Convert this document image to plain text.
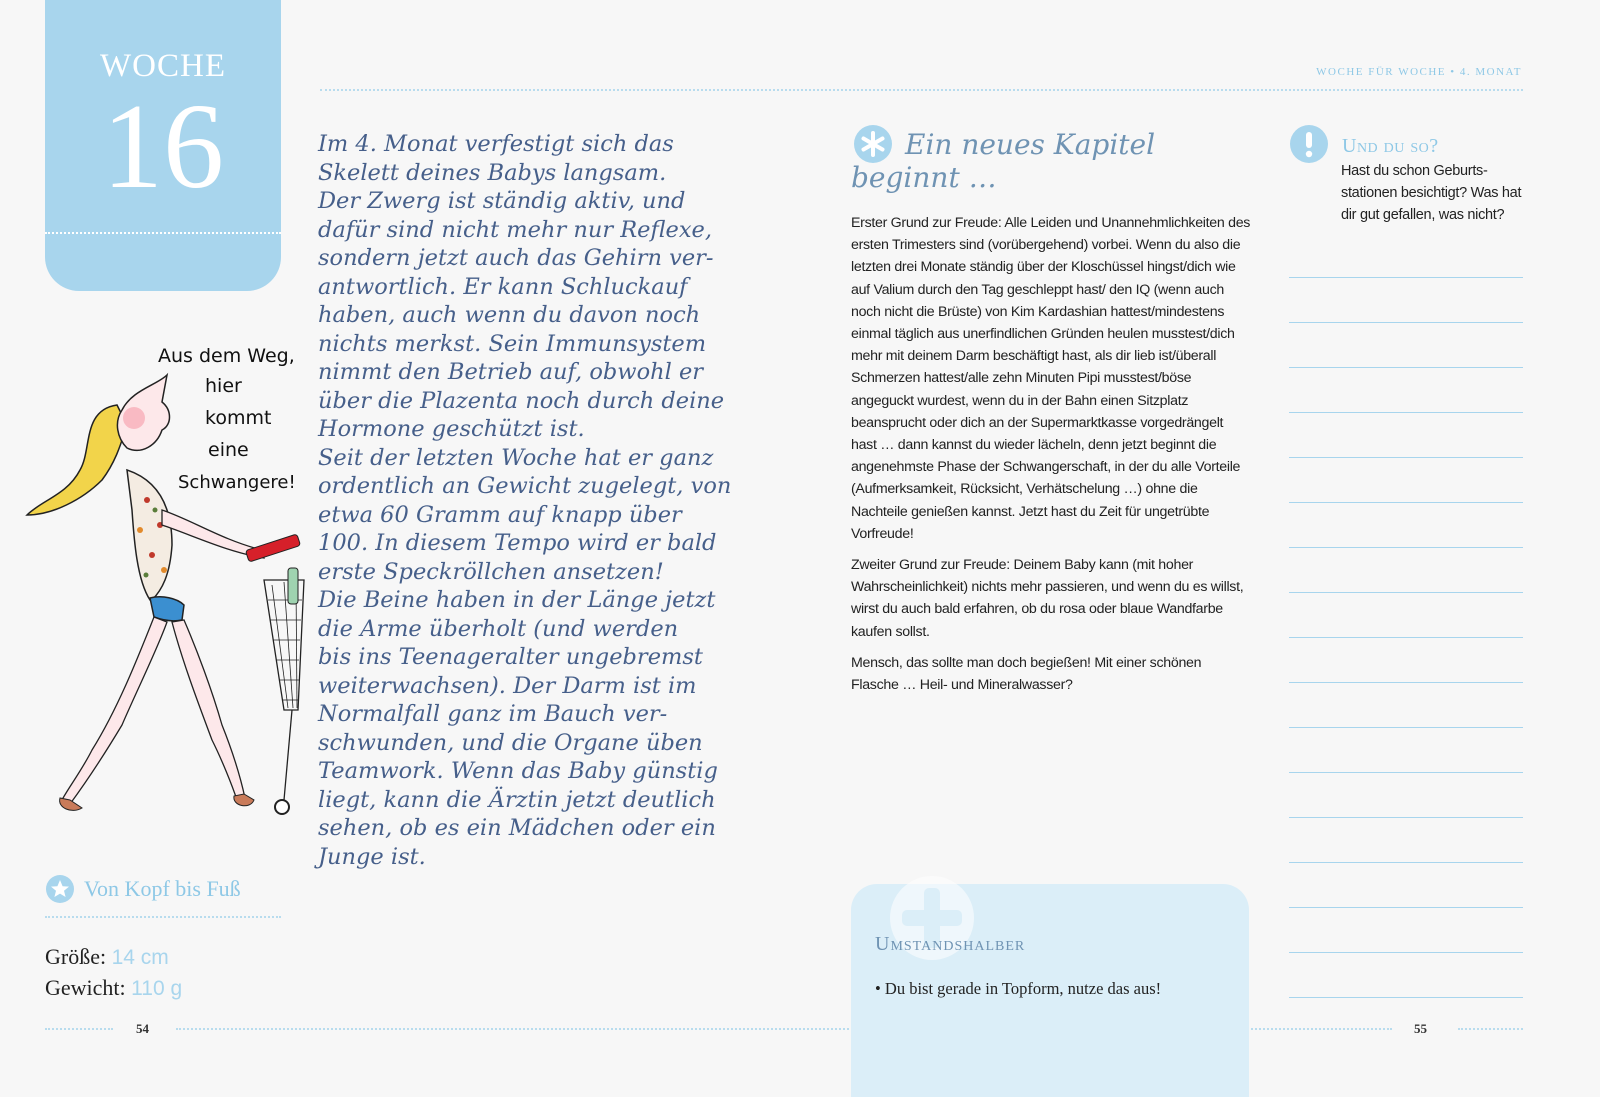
WOCHE
16
WOCHE FÜR WOCHE • 4. MONAT
Im 4. Monat verfestigt sich das
Skelett deines Babys langsam.
Der Zwerg ist ständig aktiv, und
dafür sind nicht mehr nur Reflexe,
sondern jetzt auch das Gehirn ver-
antwortlich. Er kann Schluckauf
haben, auch wenn du davon noch
nichts merkst. Sein Immunsystem
nimmt den Betrieb auf, obwohl er
über die Plazenta noch durch deine
Hormone geschützt ist.
Seit der letzten Woche hat er ganz
ordentlich an Gewicht zugelegt, von
etwa 60 Gramm auf knapp über
100. In diesem Tempo wird er bald
erste Speckröllchen ansetzen!
Die Beine haben in der Länge jetzt
die Arme überholt (und werden
bis ins Teenageralter ungebremst
weiterwachsen). Der Darm ist im
Normalfall ganz im Bauch ver-
schwunden, und die Organe üben
Teamwork. Wenn das Baby günstig
liegt, kann die Ärztin jetzt deutlich
sehen, ob es ein Mädchen oder ein
Junge ist.
Aus dem Weg,
hier
kommt
eine
Schwangere!
Von Kopf bis Fuß
Größe: 14 cm
Gewicht: 110 g
54	55
Ein neues Kapitel beginnt …

Erster Grund zur Freude: Alle Leiden und Unannehmlichkeiten des ersten Trimesters sind (vorübergehend) vorbei. Wenn du also die letzten drei Monate ständig über der Kloschüssel hingst/dich wie auf Valium durch den Tag geschleppt hast/ den IQ (wenn auch noch nicht die Brüste) von Kim Kardashian hattest/mindestens einmal täglich aus unerfindlichen Gründen heulen musstest/dich mehr mit deinem Darm beschäftigt hast, als dir lieb ist/überall Schmerzen hattest/alle zehn Minuten Pipi musstest/böse angeguckt wurdest, wenn du in der Bahn einen Sitzplatz beansprucht oder dich an der Supermarktkasse vorgedrängelt hast … dann kannst du wieder lächeln, denn jetzt beginnt die angenehmste Phase der Schwangerschaft, in der du alle Vorteile (Aufmerksamkeit, Rücksicht, Verhätschelung …) ohne die Nachteile genießen kannst. Jetzt hast du Zeit für ungetrübte Vorfreude!

Zweiter Grund zur Freude: Deinem Baby kann (mit hoher Wahrscheinlichkeit) nichts mehr passieren, und wenn du es willst, wirst du auch bald erfahren, ob du rosa oder blaue Wandfarbe kaufen sollst.

Mensch, das sollte man doch begießen! Mit einer schönen Flasche … Heil- und Mineralwasser?

Und du so?
Hast du schon Geburts-stationen besichtigt? Was hat dir gut gefallen, was nicht?
Umstandshalber
• Du bist gerade in Topform, nutze das aus!
